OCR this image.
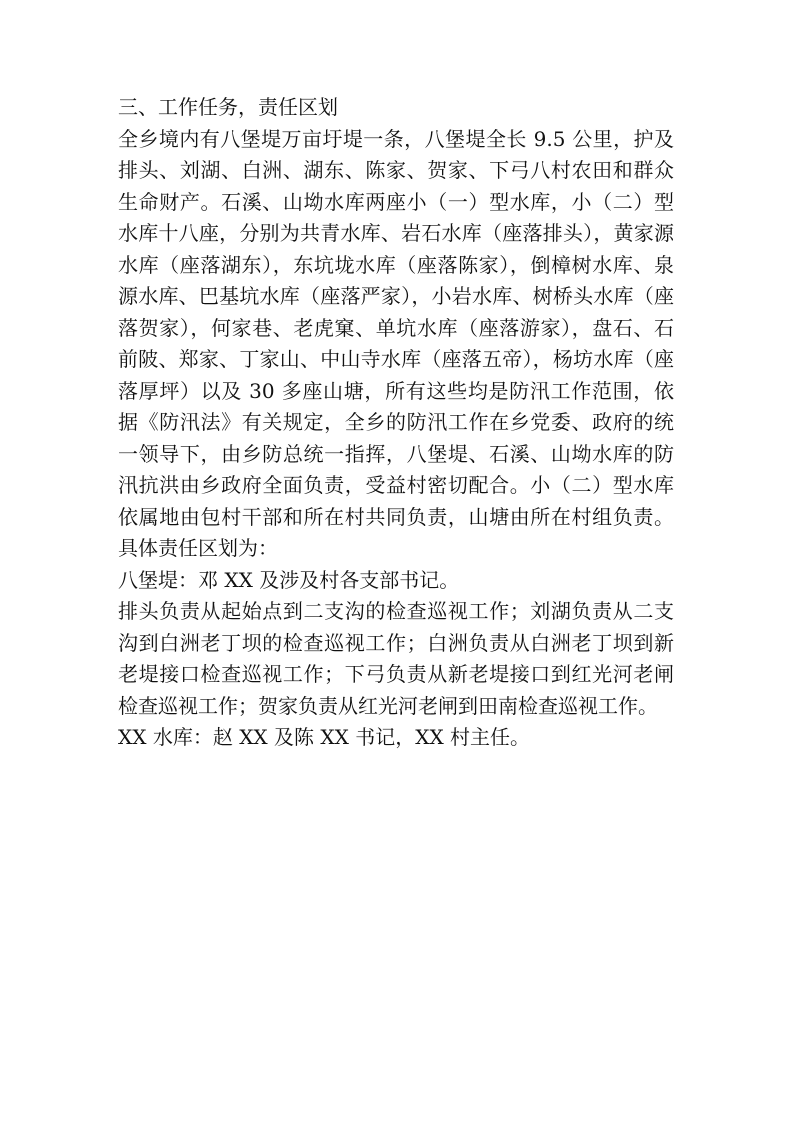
三、工作任务，责任区划

全乡境内有八堡堤万亩圩堤一条，八堡堤全长 9.5 公里，护及排头、刘湖、白洲、湖东、陈家、贺家、下弓八村农田和群众生命财产。石溪、山坳水库两座小（一）型水库，小（二）型水库十八座，分别为共青水库、岩石水库（座落排头），黄家源水库（座落湖东），东坑垅水库（座落陈家），倒樟树水库、泉源水库、巴基坑水库（座落严家），小岩水库、树桥头水库（座落贺家），何家巷、老虎窠、单坑水库（座落游家），盘石、石前陂、郑家、丁家山、中山寺水库（座落五帝），杨坊水库（座落厚坪）以及 30 多座山塘，所有这些均是防汛工作范围，依据《防汛法》有关规定，全乡的防汛工作在乡党委、政府的统一领导下，由乡防总统一指挥，八堡堤、石溪、山坳水库的防汛抗洪由乡政府全面负责，受益村密切配合。小（二）型水库依属地由包村干部和所在村共同负责，山塘由所在村组负责。具体责任区划为：

八堡堤：邓 XX 及涉及村各支部书记。

排头负责从起始点到二支沟的检查巡视工作；刘湖负责从二支沟到白洲老丁坝的检查巡视工作；白洲负责从白洲老丁坝到新老堤接口检查巡视工作；下弓负责从新老堤接口到红光河老闸检查巡视工作；贺家负责从红光河老闸到田南检查巡视工作。

XX 水库：赵 XX 及陈 XX 书记，XX 村主任。
